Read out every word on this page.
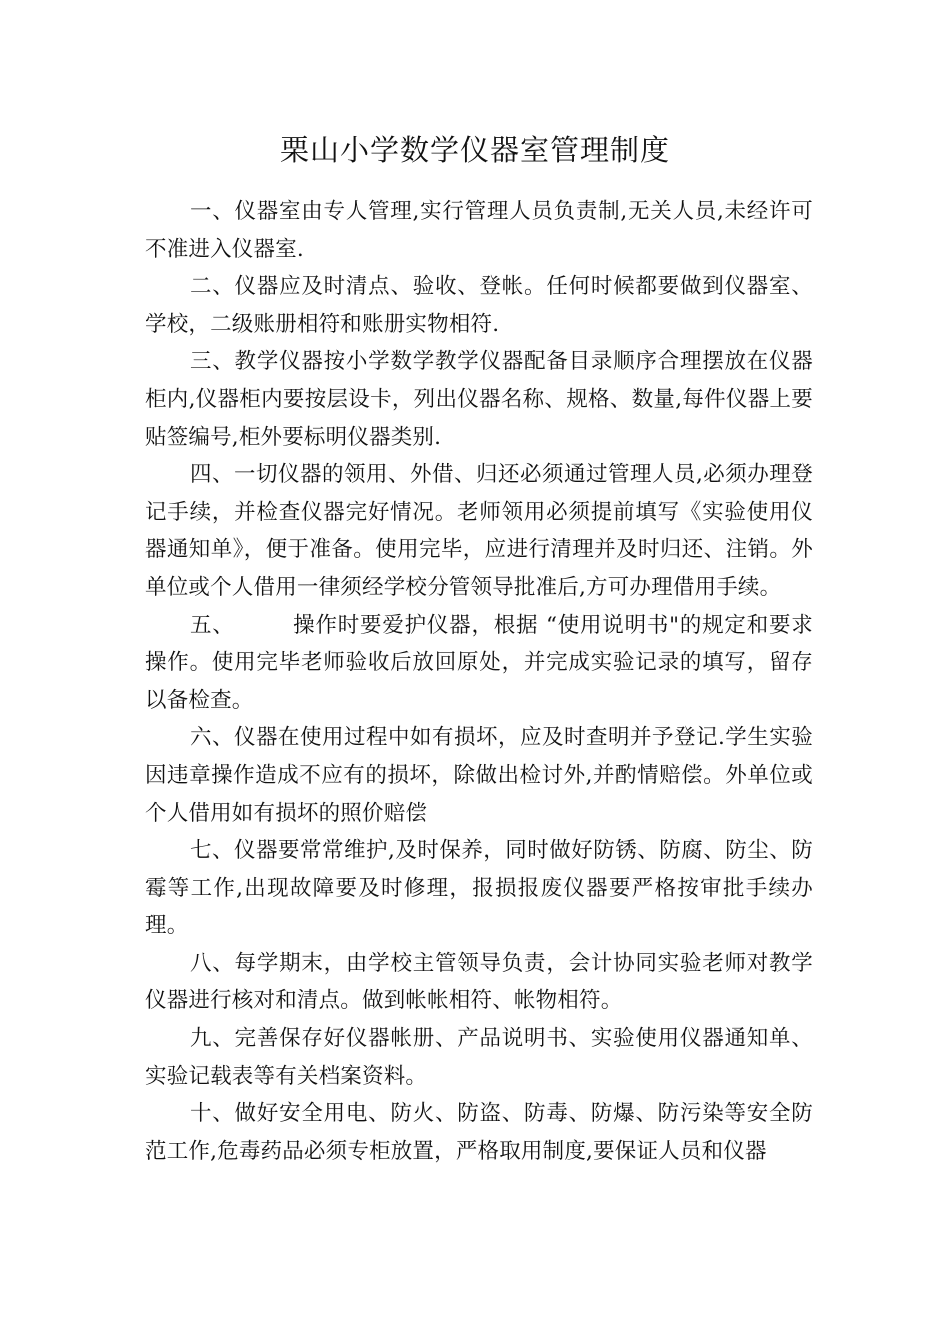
栗山小学数学仪器室管理制度

一、仪器室由专人管理,实行管理人员负责制,无关人员,未经许可不准进入仪器室.

二、仪器应及时清点、验收、登帐。任何时候都要做到仪器室、学校，二级账册相符和账册实物相符.

三、教学仪器按小学数学教学仪器配备目录顺序合理摆放在仪器柜内,仪器柜内要按层设卡，列出仪器名称、规格、数量,每件仪器上要贴签编号,柜外要标明仪器类别.

四、一切仪器的领用、外借、归还必须通过管理人员,必须办理登记手续，并检查仪器完好情况。老师领用必须提前填写《实验使用仪器通知单》，便于准备。使用完毕，应进行清理并及时归还、注销。外单位或个人借用一律须经学校分管领导批准后,方可办理借用手续。

五、	操作时要爱护仪器，根据 “使用说明书"的规定和要求操作。使用完毕老师验收后放回原处，并完成实验记录的填写，留存以备检查。

六、仪器在使用过程中如有损坏，应及时查明并予登记.学生实验因违章操作造成不应有的损坏，除做出检讨外,并酌情赔偿。外单位或个人借用如有损坏的照价赔偿

七、仪器要常常维护,及时保养，同时做好防锈、防腐、防尘、防霉等工作,出现故障要及时修理，报损报废仪器要严格按审批手续办理。

八、每学期末，由学校主管领导负责，会计协同实验老师对教学仪器进行核对和清点。做到帐帐相符、帐物相符。

九、完善保存好仪器帐册、产品说明书、实验使用仪器通知单、实验记载表等有关档案资料。

十、做好安全用电、防火、防盗、防毒、防爆、防污染等安全防范工作,危毒药品必须专柜放置，严格取用制度,要保证人员和仪器
